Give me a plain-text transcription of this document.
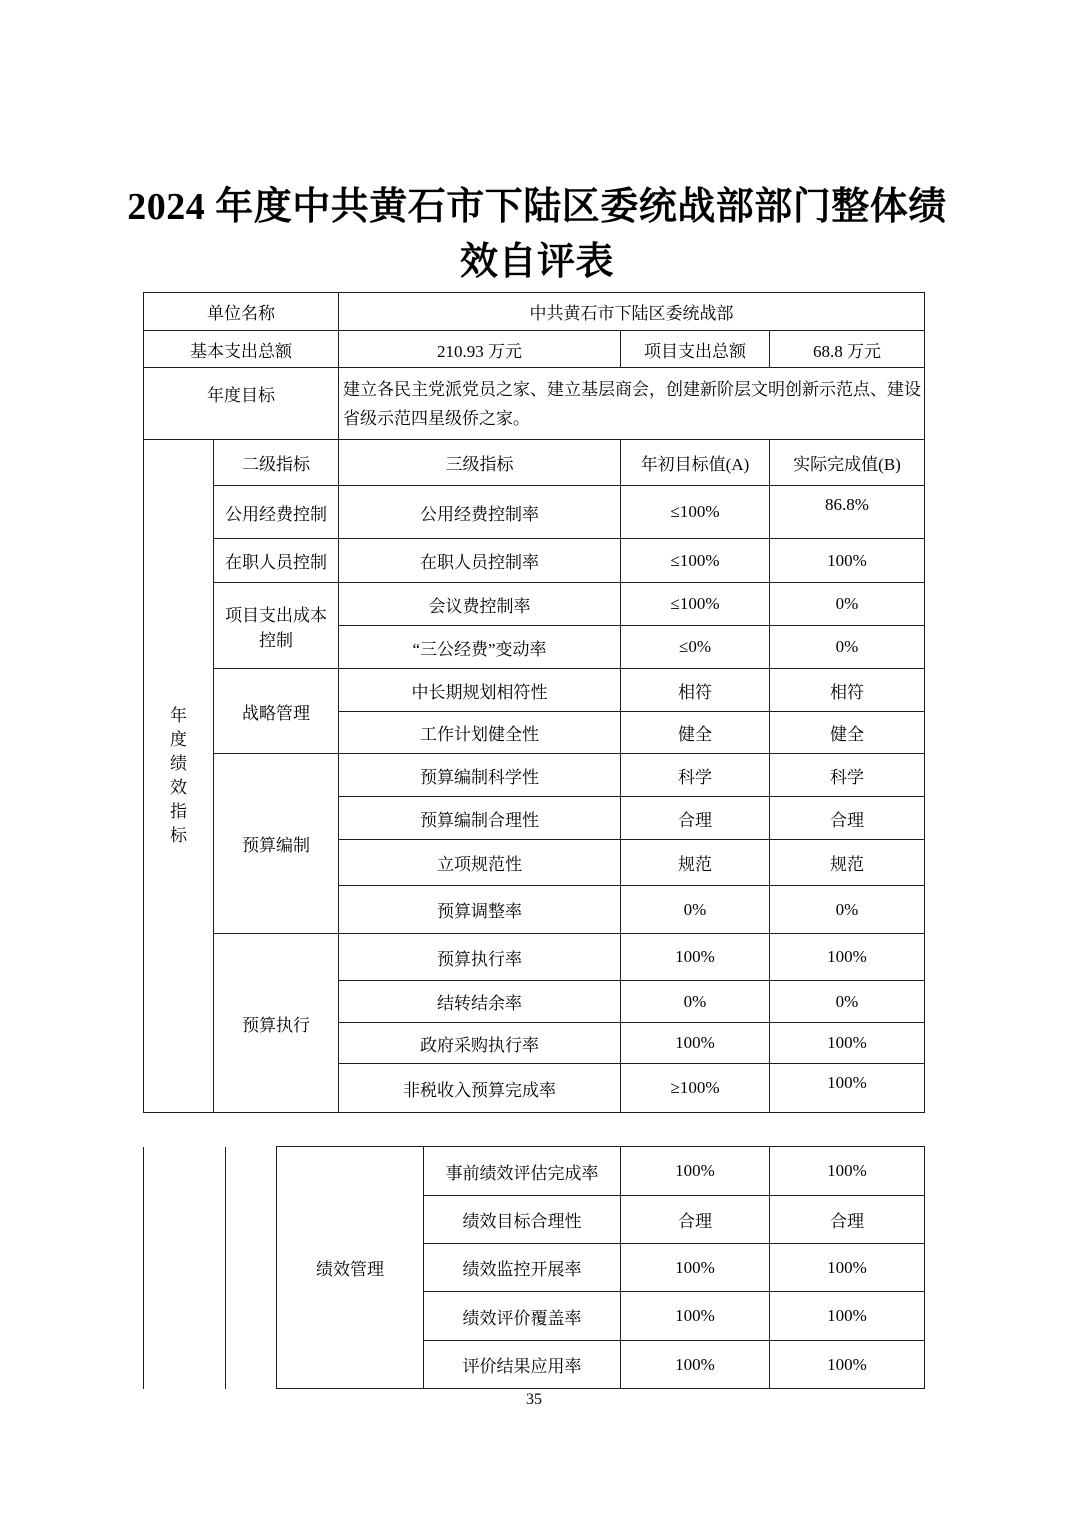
2024 年度中共黄石市下陆区委统战部部门整体绩
效自评表
单位名称		中共黄石市下陆区委统战部		
基本支出总额		210.93 万元	项目支出总额	68.8 万元
年度目标		建立各民主党派党员之家、建立基层商会，创建新阶层文明创新示范点、建设省级示范四星级侨之家。		

年度绩效指标	二级指标	三级指标	年初目标值(A)	实际完成值(B)
	公用经费控制	公用经费控制率	≤100%	86.8%
	在职人员控制	在职人员控制率	≤100%	100%
	项目支出成本控制	会议费控制率	≤100%	0%
		“三公经费”变动率	≤0%	0%
	战略管理	中长期规划相符性	相符	相符
		工作计划健全性	健全	健全
	预算编制	预算编制科学性	科学	科学
		预算编制合理性	合理	合理
		立项规范性	规范	规范
		预算调整率	0%	0%
	预算执行	预算执行率	100%	100%
		结转结余率	0%	0%
		政府采购执行率	100%	100%
		非税收入预算完成率	≥100%	100%
		绩效管理	事前绩效评估完成率	100%	100%
			绩效目标合理性	合理	合理
			绩效监控开展率	100%	100%
			绩效评价覆盖率	100%	100%
			评价结果应用率	100%	100%
35
